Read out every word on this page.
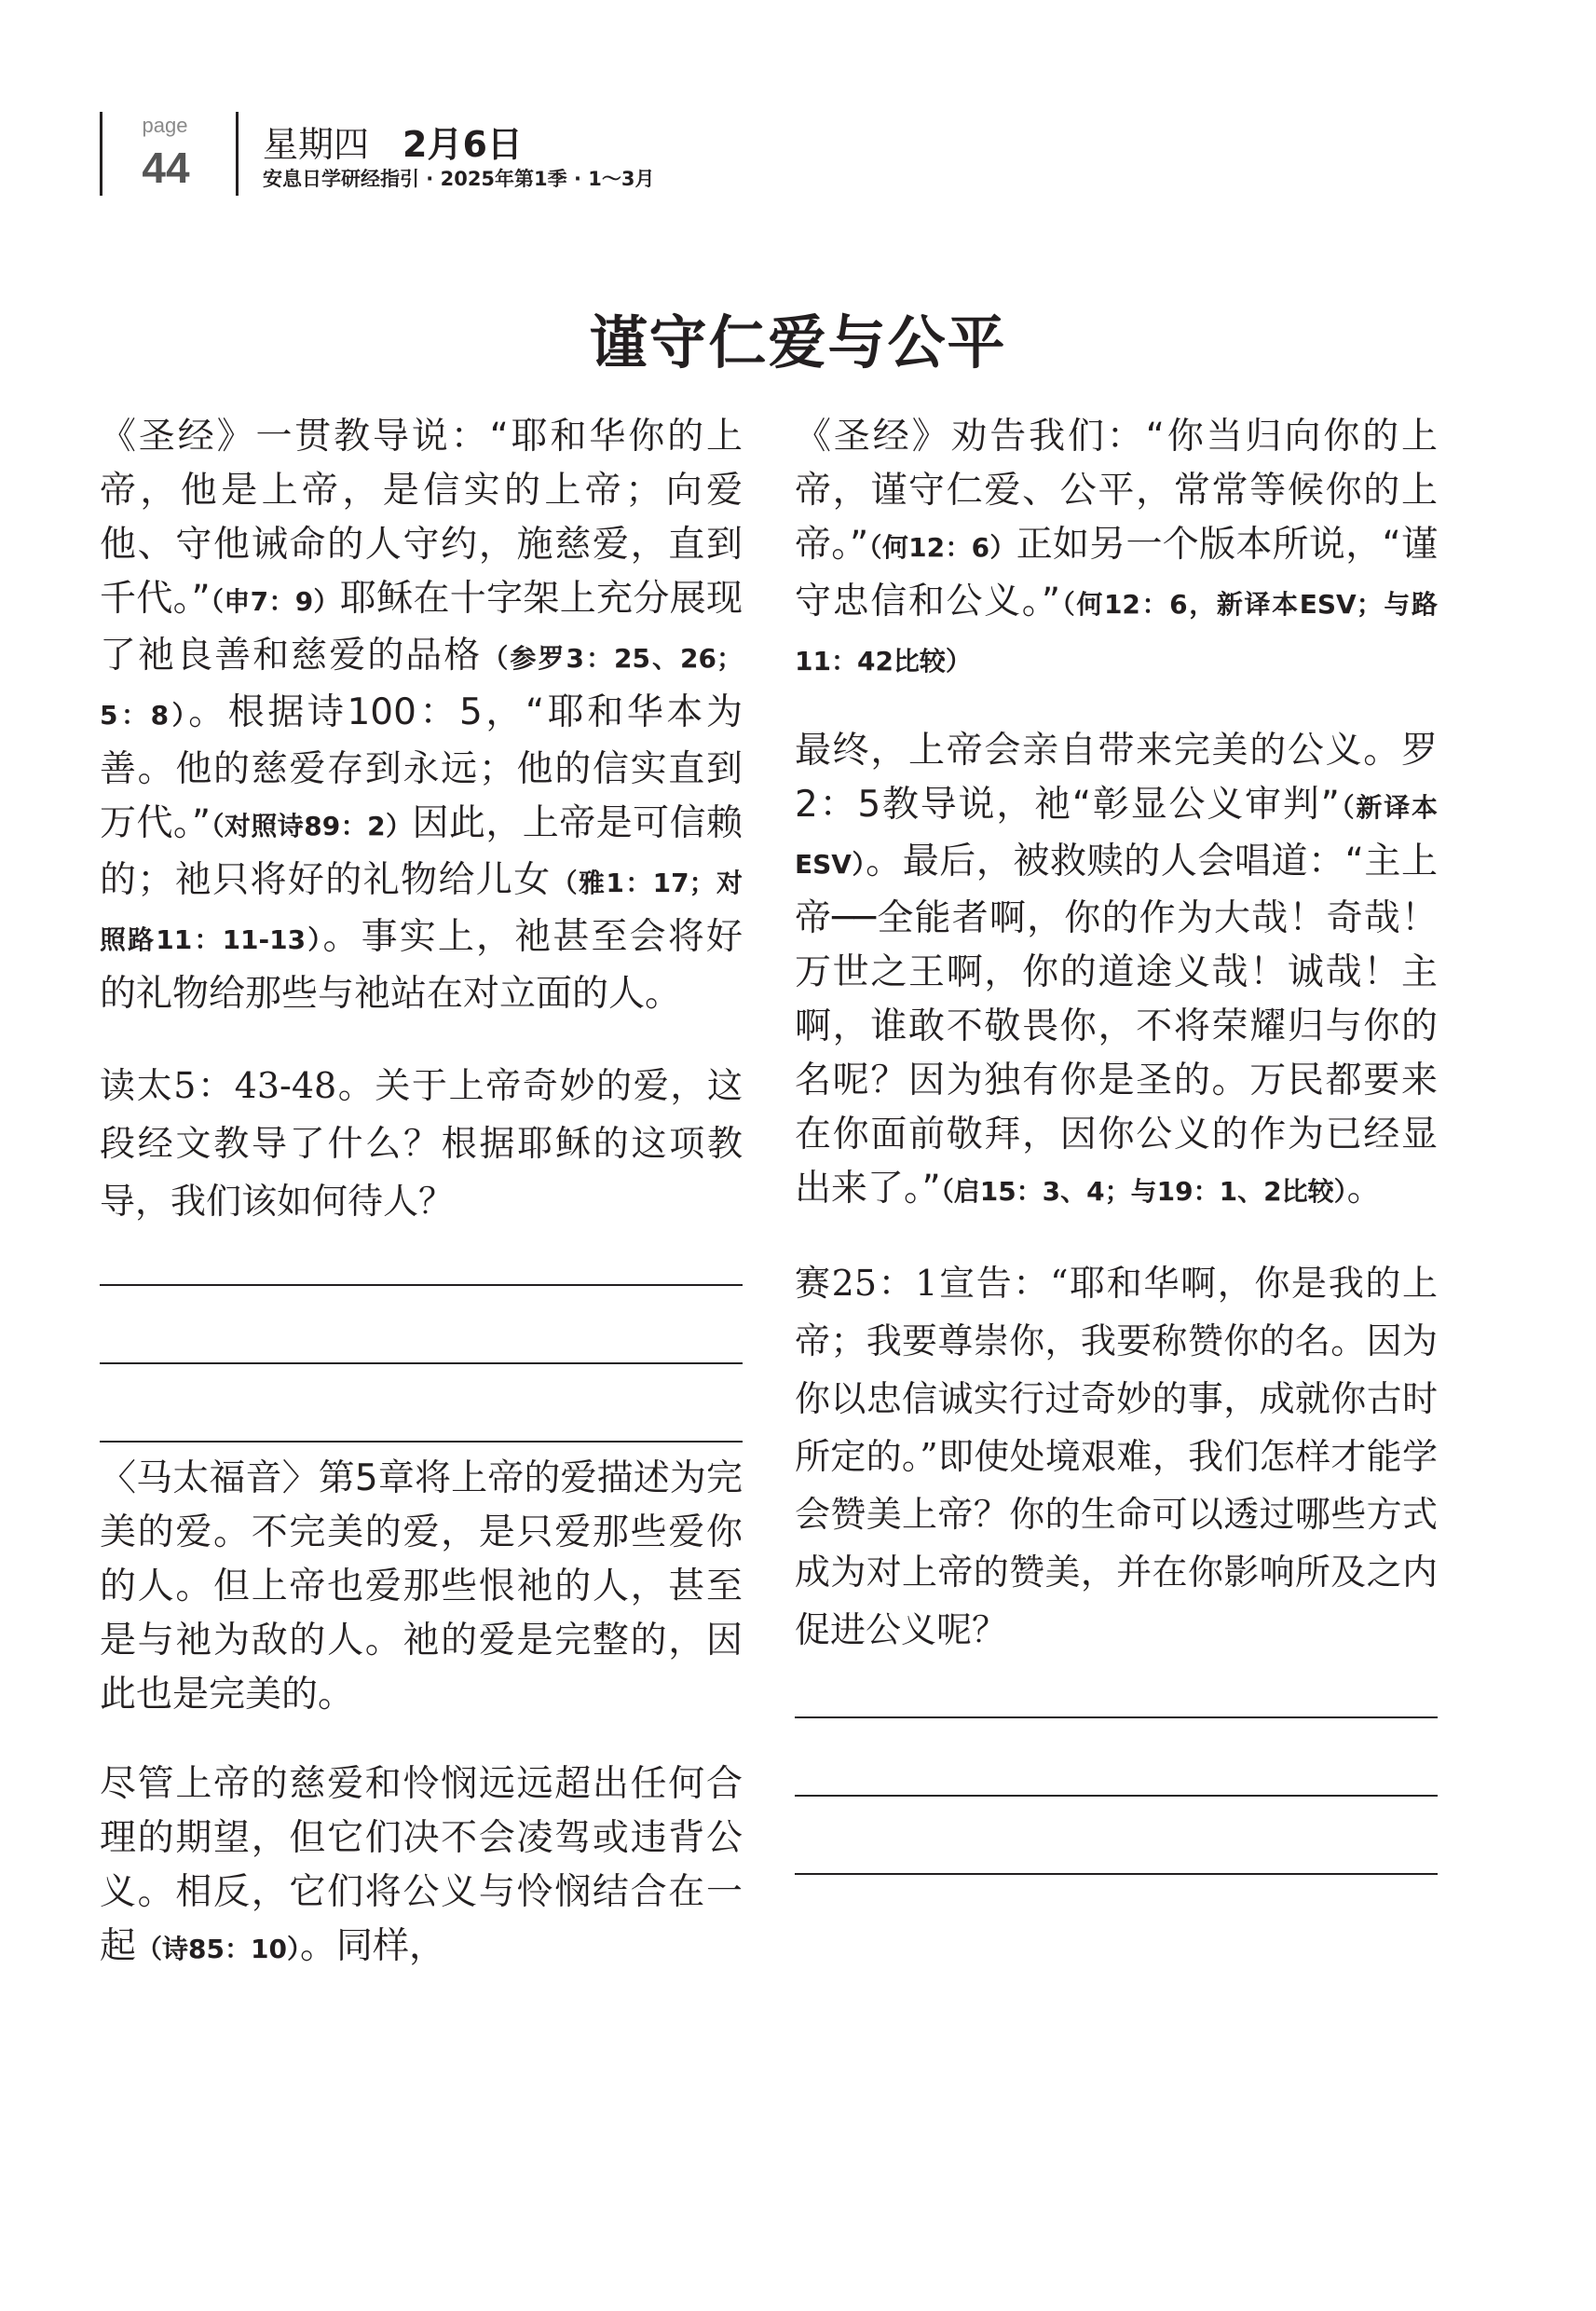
page
44	星期四 2月6日
安息日学研经指引 · 2025年第1季 · 1～3月
谨守仁爱与公平

《圣经》一贯教导说：“耶和华你的上帝，他是上帝，是信实的上帝；向爱他、守他诫命的人守约，施慈爱，直到千代。”（申7：9）耶稣在十字架上充分展现了祂良善和慈爱的品格（参罗3：25、26；5：8）。根据诗100：5，“耶和华本为善。他的慈爱存到永远；他的信实直到万代。”（对照诗89：2）因此，上帝是可信赖的；祂只将好的礼物给儿女（雅1：17；对照路11：11-13）。事实上，祂甚至会将好的礼物给那些与祂站在对立面的人。

读太5：43-48。关于上帝奇妙的爱，这段经文教导了什么？根据耶稣的这项教导，我们该如何待人？

〈马太福音〉第5章将上帝的爱描述为完美的爱。不完美的爱，是只爱那些爱你的人。但上帝也爱那些恨祂的人，甚至是与祂为敌的人。祂的爱是完整的，因此也是完美的。

尽管上帝的慈爱和怜悯远远超出任何合理的期望，但它们决不会凌驾或违背公义。相反，它们将公义与怜悯结合在一起（诗85：10）。同样，

《圣经》劝告我们：“你当归向你的上帝，谨守仁爱、公平，常常等候你的上帝。”（何12：6）正如另一个版本所说，“谨守忠信和公义。”（何12：6，新译本ESV；与路11：42比较）

最终，上帝会亲自带来完美的公义。罗2：5教导说，祂“彰显公义审判”（新译本ESV）。最后，被救赎的人会唱道：“主上帝──全能者啊，你的作为大哉！奇哉！万世之王啊，你的道途义哉！诚哉！主啊，谁敢不敬畏你，不将荣耀归与你的名呢？因为独有你是圣的。万民都要来在你面前敬拜，因你公义的作为已经显出来了。”（启15：3、4；与19：1、2比较）。

赛25：1宣告：“耶和华啊，你是我的上帝；我要尊崇你，我要称赞你的名。因为你以忠信诚实行过奇妙的事，成就你古时所定的。”即使处境艰难，我们怎样才能学会赞美上帝？你的生命可以透过哪些方式成为对上帝的赞美，并在你影响所及之内促进公义呢？
